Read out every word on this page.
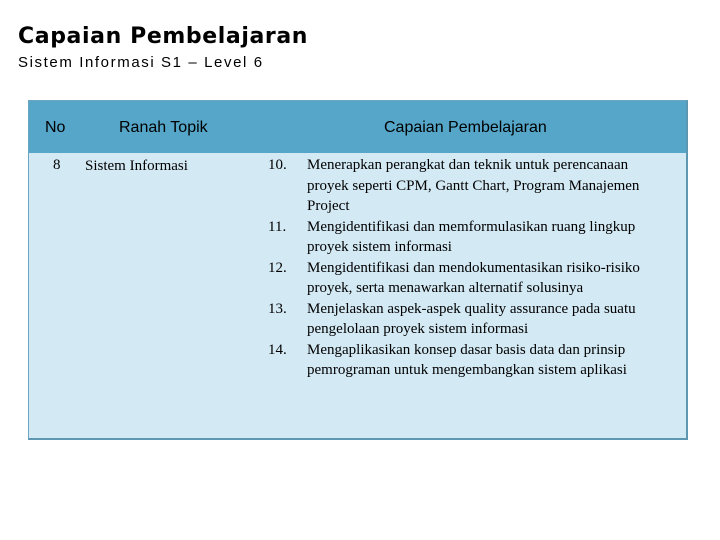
Capaian Pembelajaran
Sistem Informasi S1 – Level 6
No	Ranah Topik	Capaian Pembelajaran
8 Sistem Informasi	10. Menerapkan perangkat dan teknik untuk perencanaan
proyek seperti CPM, Gantt Chart, Program Manajemen
Project
11. Mengidentifikasi dan memformulasikan ruang lingkup
proyek sistem informasi
12. Mengidentifikasi dan mendokumentasikan risiko-risiko
proyek, serta menawarkan alternatif solusinya
13. Menjelaskan aspek-aspek quality assurance pada suatu
pengelolaan proyek sistem informasi
14. Mengaplikasikan konsep dasar basis data dan prinsip
pemrograman untuk mengembangkan sistem aplikasi
